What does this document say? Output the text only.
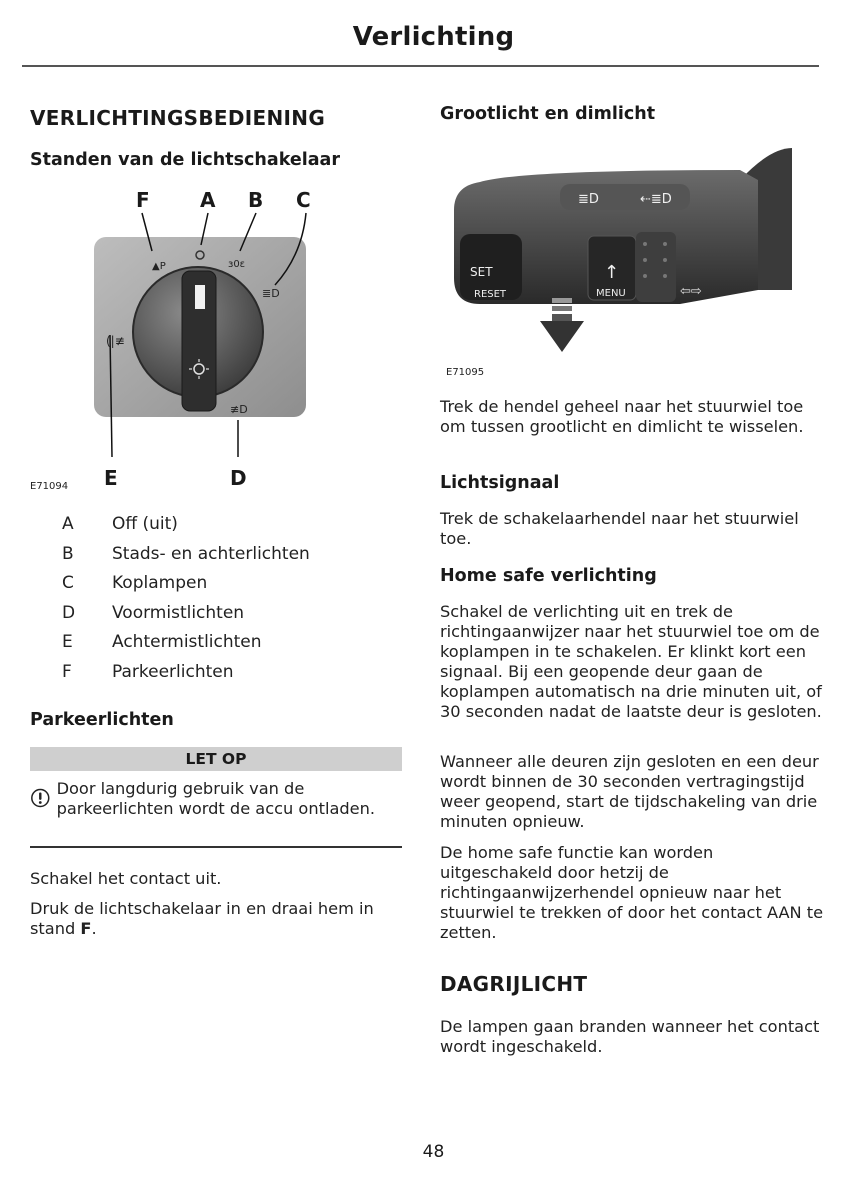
Verlichting
VERLICHTINGSBEDIENING
Standen van de lichtschakelaar
▲P	ɜ0ɛ
≣D
(|≢
≢D
F	A B C
E	D
E71094
A	Off (uit)
B	Stads- en achterlichten
C	Koplampen
D	Voormistlichten
E	Achtermistlichten
F	Parkeerlichten
Parkeerlichten
LET OP
Door langdurig gebruik van de parkeerlichten wordt de accu ontladen.

Schakel het contact uit.

Druk de lichtschakelaar in en draai hem in stand F.

Grootlicht en dimlicht
≣D	⇠≣D
SET
RESET
↑
MENU	⇦⇨
E71095

Trek de hendel geheel naar het stuurwiel toe om tussen grootlicht en dimlicht te wisselen.

Lichtsignaal

Trek de schakelaarhendel naar het stuurwiel toe.

Home safe verlichting

Schakel de verlichting uit en trek de richtingaanwijzer naar het stuurwiel toe om de koplampen in te schakelen. Er klinkt kort een signaal. Bij een geopende deur gaan de koplampen automatisch na drie minuten uit, of 30 seconden nadat de laatste deur is gesloten.

Wanneer alle deuren zijn gesloten en een deur wordt binnen de 30 seconden vertragingstijd weer geopend, start de tijdschakeling van drie minuten opnieuw.

De home safe functie kan worden uitgeschakeld door hetzij de richtingaanwijzerhendel opnieuw naar het stuurwiel te trekken of door het contact AAN te zetten.

DAGRIJLICHT

De lampen gaan branden wanneer het contact wordt ingeschakeld.

48
